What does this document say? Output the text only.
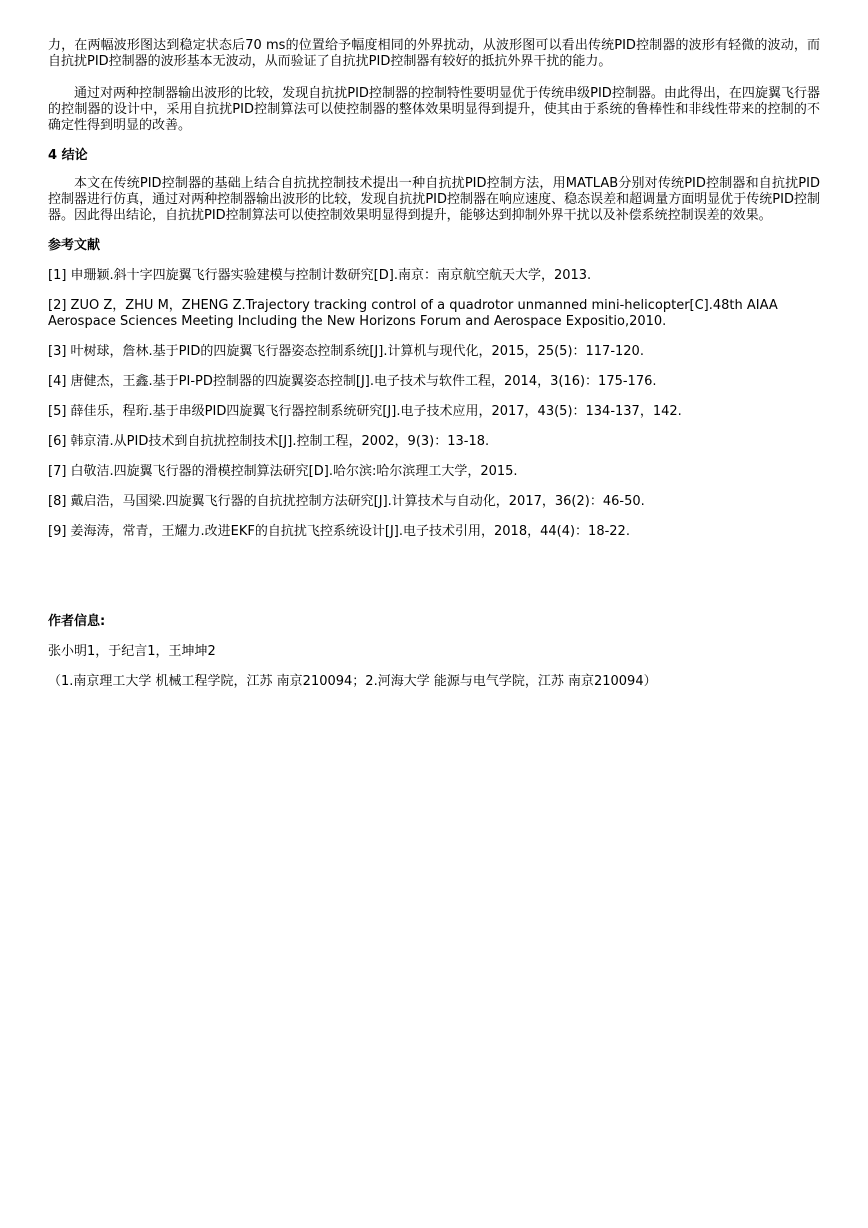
力，在两幅波形图达到稳定状态后70 ms的位置给予幅度相同的外界扰动，从波形图可以看出传统PID控制器的波形有轻微的波动，而自抗扰PID控制器的波形基本无波动，从而验证了自抗扰PID控制器有较好的抵抗外界干扰的能力。

通过对两种控制器输出波形的比较，发现自抗扰PID控制器的控制特性要明显优于传统串级PID控制器。由此得出，在四旋翼飞行器的控制器的设计中，采用自抗扰PID控制算法可以使控制器的整体效果明显得到提升，使其由于系统的鲁棒性和非线性带来的控制的不确定性得到明显的改善。

4 结论

本文在传统PID控制器的基础上结合自抗扰控制技术提出一种自抗扰PID控制方法，用MATLAB分别对传统PID控制器和自抗扰PID控制器进行仿真，通过对两种控制器输出波形的比较，发现自抗扰PID控制器在响应速度、稳态误差和超调量方面明显优于传统PID控制器。因此得出结论，自抗扰PID控制算法可以使控制效果明显得到提升，能够达到抑制外界干扰以及补偿系统控制误差的效果。

参考文献
[1] 申珊颖.斜十字四旋翼飞行器实验建模与控制计数研究[D].南京：南京航空航天大学，2013.
[2] ZUO Z，ZHU M，ZHENG Z.Trajectory tracking control of a quadrotor unmanned mini-helicopter[C].48th AIAA Aerospace Sciences Meeting Including the New Horizons Forum and Aerospace Expositio,2010.
[3] 叶树球，詹林.基于PID的四旋翼飞行器姿态控制系统[J].计算机与现代化，2015，25(5)：117-120.
[4] 唐健杰，王鑫.基于PI-PD控制器的四旋翼姿态控制[J].电子技术与软件工程，2014，3(16)：175-176.
[5] 薛佳乐，程珩.基于串级PID四旋翼飞行器控制系统研究[J].电子技术应用，2017，43(5)：134-137，142.
[6] 韩京清.从PID技术到自抗扰控制技术[J].控制工程，2002，9(3)：13-18.
[7] 白敬洁.四旋翼飞行器的滑模控制算法研究[D].哈尔滨:哈尔滨理工大学，2015.
[8] 戴启浩，马国梁.四旋翼飞行器的自抗扰控制方法研究[J].计算技术与自动化，2017，36(2)：46-50.
[9] 姜海涛，常青，王耀力.改进EKF的自抗扰飞控系统设计[J].电子技术引用，2018，44(4)：18-22.
作者信息:

张小明1，于纪言1，王坤坤2

（1.南京理工大学 机械工程学院，江苏 南京210094；2.河海大学 能源与电气学院，江苏 南京210094）
